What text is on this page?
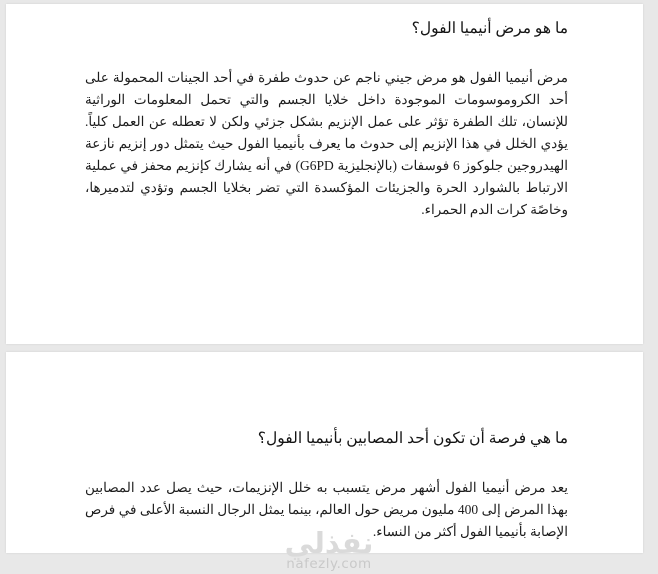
ما هو مرض أنيميا الفول؟

مرض أنيميا الفول هو مرض جيني ناجم عن حدوث طفرة في أحد الجينات المحمولة على أحد الكروموسومات الموجودة داخل خلايا الجسم والتي تحمل المعلومات الوراثية للإنسان، تلك الطفرة تؤثر على عمل الإنزيم بشكل جزئي ولكن لا تعطله عن العمل كلياً. يؤدي الخلل في هذا الإنزيم إلى حدوث ما يعرف بأنيميا الفول حيث يتمثل دور إنزيم نازعة الهيدروجين جلوكوز 6 فوسفات (بالإنجليزية G6PD) في أنه يشارك كإنزيم محفز في عملية الارتباط بالشوارد الحرة والجزيئات المؤكسدة التي تضر بخلايا الجسم وتؤدي لتدميرها، وخاصًة كرات الدم الحمراء.

ما هي فرصة أن تكون أحد المصابين بأنيميا الفول؟

يعد مرض أنيميا الفول أشهر مرض يتسبب به خلل الإنزيمات، حيث يصل عدد المصابين بهذا المرض إلى 400 مليون مريض حول العالم، بينما يمثل الرجال النسبة الأعلى في فرص الإصابة بأنيميا الفول أكثر من النساء.

نفذلي
nafezly.com
